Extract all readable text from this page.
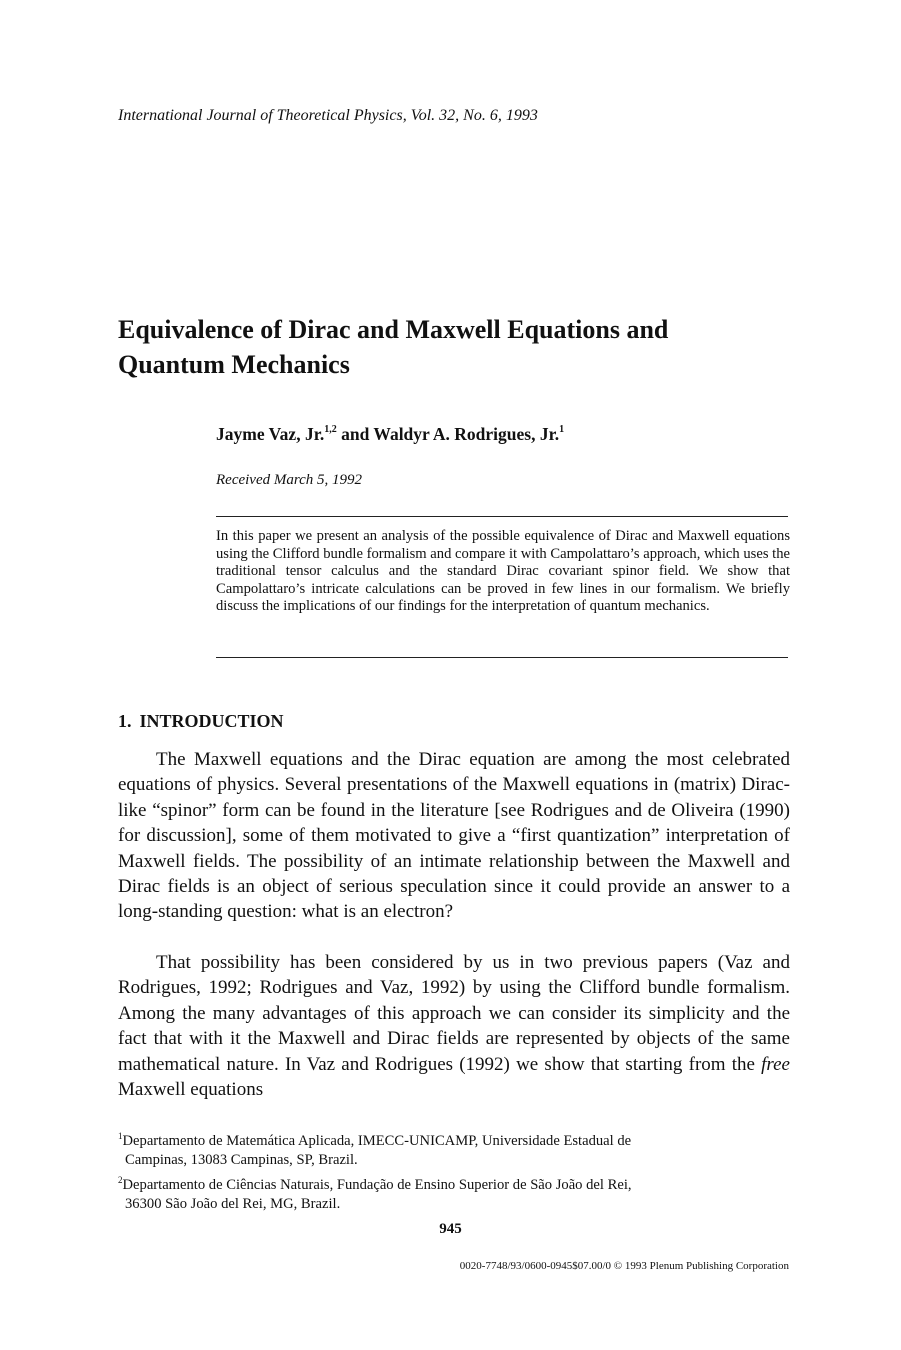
International Journal of Theoretical Physics, Vol. 32, No. 6, 1993
Equivalence of Dirac and Maxwell Equations and
Quantum Mechanics
Jayme Vaz, Jr.$^{1,2}$ and Waldyr A. Rodrigues, Jr.$^1$
Received March 5, 1992
In this paper we present an analysis of the possible equivalence of Dirac and Maxwell equations using the Clifford bundle formalism and compare it with Campolattaro’s approach, which uses the traditional tensor calculus and the standard Dirac covariant spinor field. We show that Campolattaro’s intricate calculations can be proved in few lines in our formalism. We briefly discuss the implications of our findings for the interpretation of quantum mechanics.
1. INTRODUCTION

The Maxwell equations and the Dirac equation are among the most celebrated equations of physics. Several presentations of the Maxwell equations in (matrix) Dirac-like “spinor” form can be found in the literature [see Rodrigues and de Oliveira (1990) for discussion], some of them motivated to give a “first quantization” interpretation of Maxwell fields. The possibility of an intimate relationship between the Maxwell and Dirac fields is an object of serious speculation since it could provide an answer to a long-standing question: what is an electron?

That possibility has been considered by us in two previous papers (Vaz and Rodrigues, 1992; Rodrigues and Vaz, 1992) by using the Clifford bundle formalism. Among the many advantages of this approach we can consider its simplicity and the fact that with it the Maxwell and Dirac fields are represented by objects of the same mathematical nature. In Vaz and Rodrigues (1992) we show that starting from the free Maxwell equations

$^1$Departamento de Matemática Aplicada, IMECC-UNICAMP, Universidade Estadual de
Campinas, 13083 Campinas, SP, Brazil.
$^2$Departamento de Ciências Naturais, Fundação de Ensino Superior de São João del Rei,
36300 São João del Rei, MG, Brazil.
945
0020-7748/93/0600-0945$07.00/0 © 1993 Plenum Publishing Corporation
